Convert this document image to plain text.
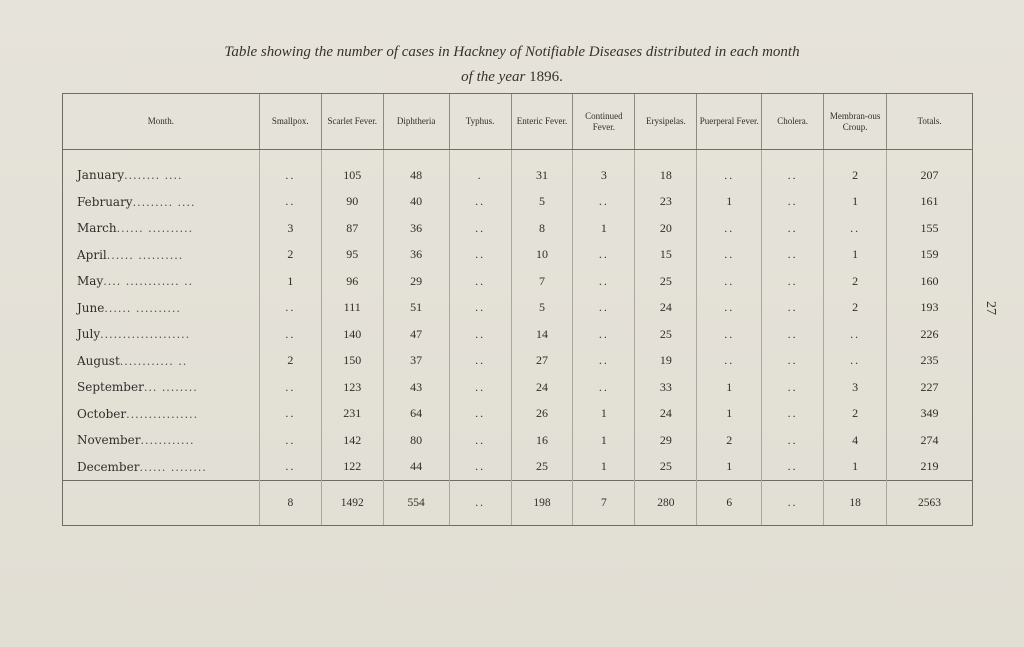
Table showing the number of cases in Hackney of Notifiable Diseases distributed in each month
of the year 1896.
27
Month.	Smallpox.	Scarlet Fever.	Diphtheria	Typhus.	Enteric Fever.	Continued Fever.	Erysipelas.	Puerperal Fever.	Cholera.	Membran-ous Croup.	Totals.
January........ ....	..	105	48	.	31	3	18	..	..	2	207
February......... ....	..	90	40	..	5	..	23	1	..	1	161
March...... ..........	3	87	36	..	8	1	20	..	..	..	155
April...... ..........	2	95	36	..	10	..	15	..	..	1	159
May.... ............ ..	1	96	29	..	7	..	25	..	..	2	160
June...... ..........	..	111	51	..	5	..	24	..	..	2	193
July....................	..	140	47	..	14	..	25	..	..	..	226
August............ ..	2	150	37	..	27	..	19	..	..	..	235
September... ........	..	123	43	..	24	..	33	1	..	3	227
October................	..	231	64	..	26	1	24	1	..	2	349
November............	..	142	80	..	16	1	29	2	..	4	274
December...... ........	..	122	44	..	25	1	25	1	..	1	219
	8	1492	554	..	198	7	280	6	..	18	2563
